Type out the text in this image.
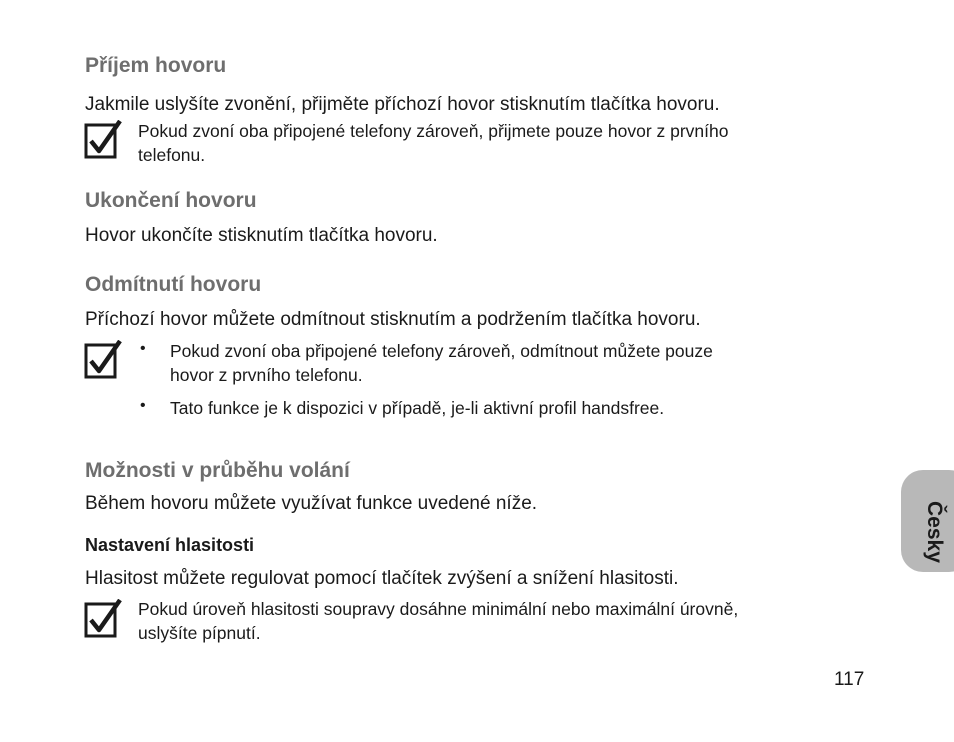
Příjem hovoru
Jakmile uslyšíte zvonění, přijměte příchozí hovor stisknutím tlačítka hovoru.
Pokud zvoní oba připojené telefony zároveň, přijmete pouze hovor z prvního
telefonu.
Ukončení hovoru
Hovor ukončíte stisknutím tlačítka hovoru.
Odmítnutí hovoru
Příchozí hovor můžete odmítnout stisknutím a podržením tlačítka hovoru.
• Pokud zvoní oba připojené telefony zároveň, odmítnout můžete pouze
hovor z prvního telefonu.
• Tato funkce je k dispozici v případě, je-li aktivní profil handsfree.
Možnosti v průběhu volání
Během hovoru můžete využívat funkce uvedené níže.
Nastavení hlasitosti
Hlasitost můžete regulovat pomocí tlačítek zvýšení a snížení hlasitosti.
Pokud úroveň hlasitosti soupravy dosáhne minimální nebo maximální úrovně,
uslyšíte pípnutí.
Česky
117
